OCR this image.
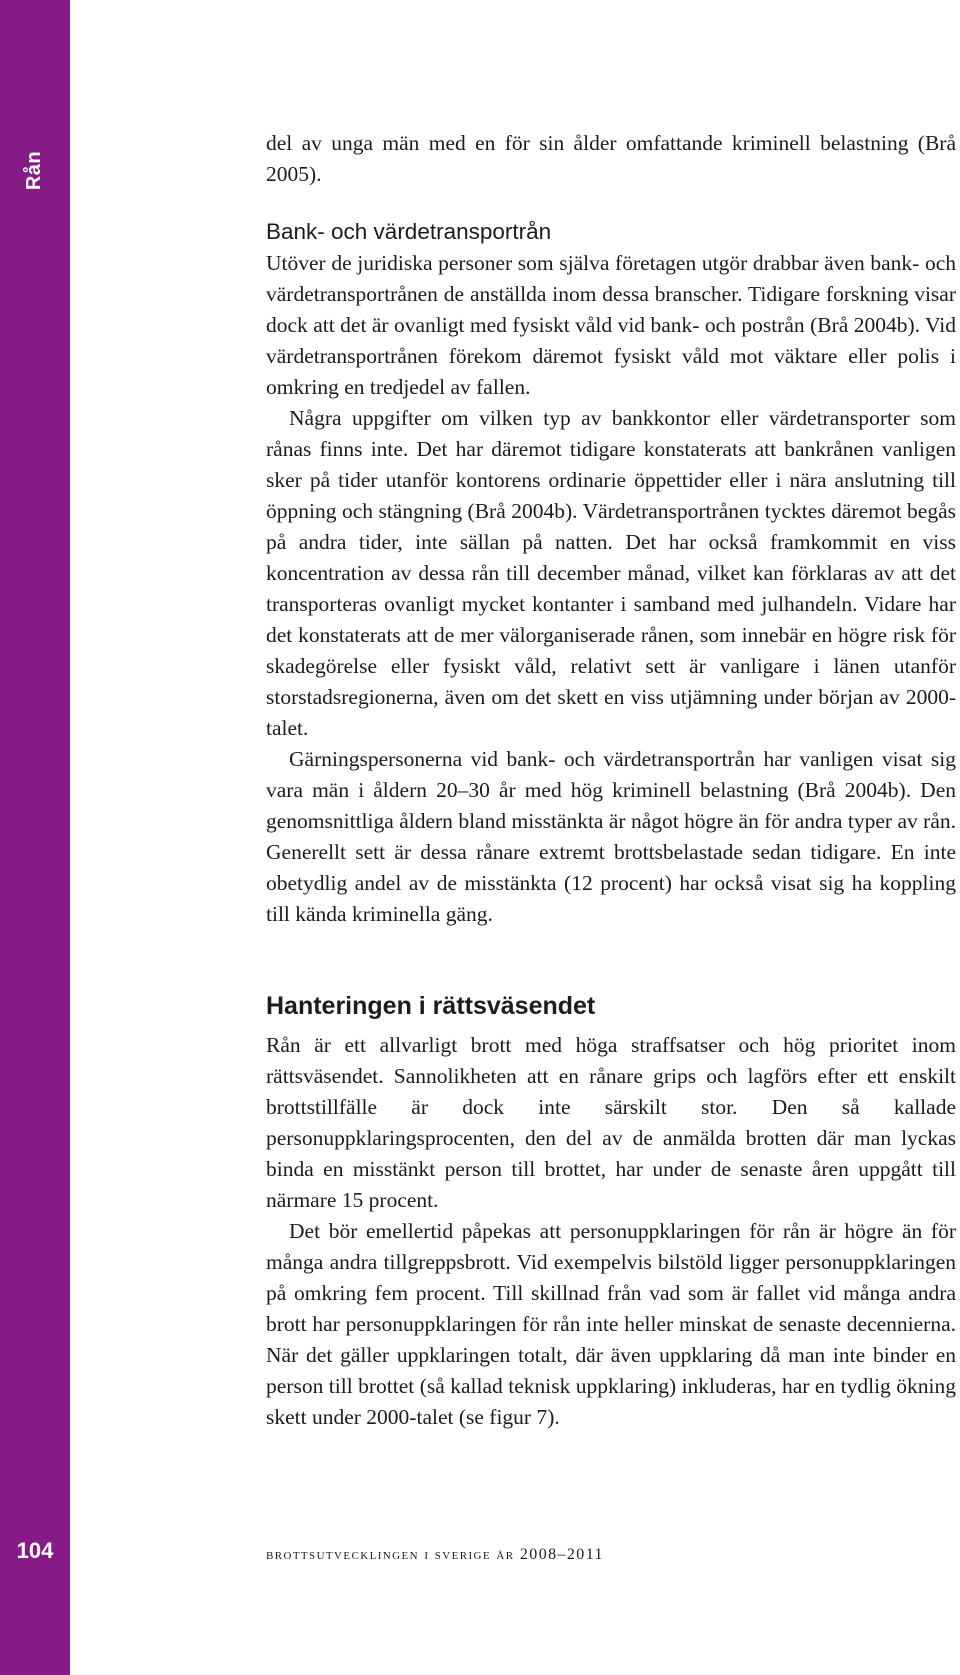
Rån
104

del av unga män med en för sin ålder omfattande kriminell belastning (Brå 2005).

Bank- och värdetransportrån

Utöver de juridiska personer som själva företagen utgör drabbar även bank- och värdetransportrånen de anställda inom dessa branscher. Tidigare forskning visar dock att det är ovanligt med fysiskt våld vid bank- och postrån (Brå 2004b). Vid värdetransportrånen förekom däremot fysiskt våld mot väktare eller polis i omkring en tredjedel av fallen.

Några uppgifter om vilken typ av bankkontor eller värdetransporter som rånas finns inte. Det har däremot tidigare konstaterats att bankrånen vanligen sker på tider utanför kontorens ordinarie öppettider eller i nära anslutning till öppning och stängning (Brå 2004b). Värdetransportrånen tycktes däremot begås på andra tider, inte sällan på natten. Det har också framkommit en viss koncentration av dessa rån till december månad, vilket kan förklaras av att det transporteras ovanligt mycket kontanter i samband med julhandeln. Vidare har det konstaterats att de mer välorganiserade rånen, som innebär en högre risk för skadegörelse eller fysiskt våld, relativt sett är vanligare i länen utanför storstadsregionerna, även om det skett en viss utjämning under början av 2000-talet.

Gärningspersonerna vid bank- och värdetransportrån har vanligen visat sig vara män i åldern 20–30 år med hög kriminell belastning (Brå 2004b). Den genomsnittliga åldern bland misstänkta är något högre än för andra typer av rån. Generellt sett är dessa rånare extremt brottsbelastade sedan tidigare. En inte obetydlig andel av de misstänkta (12 procent) har också visat sig ha koppling till kända kriminella gäng.

Hanteringen i rättsväsendet

Rån är ett allvarligt brott med höga straffsatser och hög prioritet inom rättsväsendet. Sannolikheten att en rånare grips och lagförs efter ett enskilt brottstillfälle är dock inte särskilt stor. Den så kallade personuppklaringsprocenten, den del av de anmälda brotten där man lyckas binda en misstänkt person till brottet, har under de senaste åren uppgått till närmare 15 procent.

Det bör emellertid påpekas att personuppklaringen för rån är högre än för många andra tillgreppsbrott. Vid exempelvis bilstöld ligger personuppklaringen på omkring fem procent. Till skillnad från vad som är fallet vid många andra brott har personuppklaringen för rån inte heller minskat de senaste decennierna. När det gäller uppklaringen totalt, där även uppklaring då man inte binder en person till brottet (så kallad teknisk uppklaring) inkluderas, har en tydlig ökning skett under 2000-talet (se figur 7).

brottsutvecklingen i sverige år 2008–2011
